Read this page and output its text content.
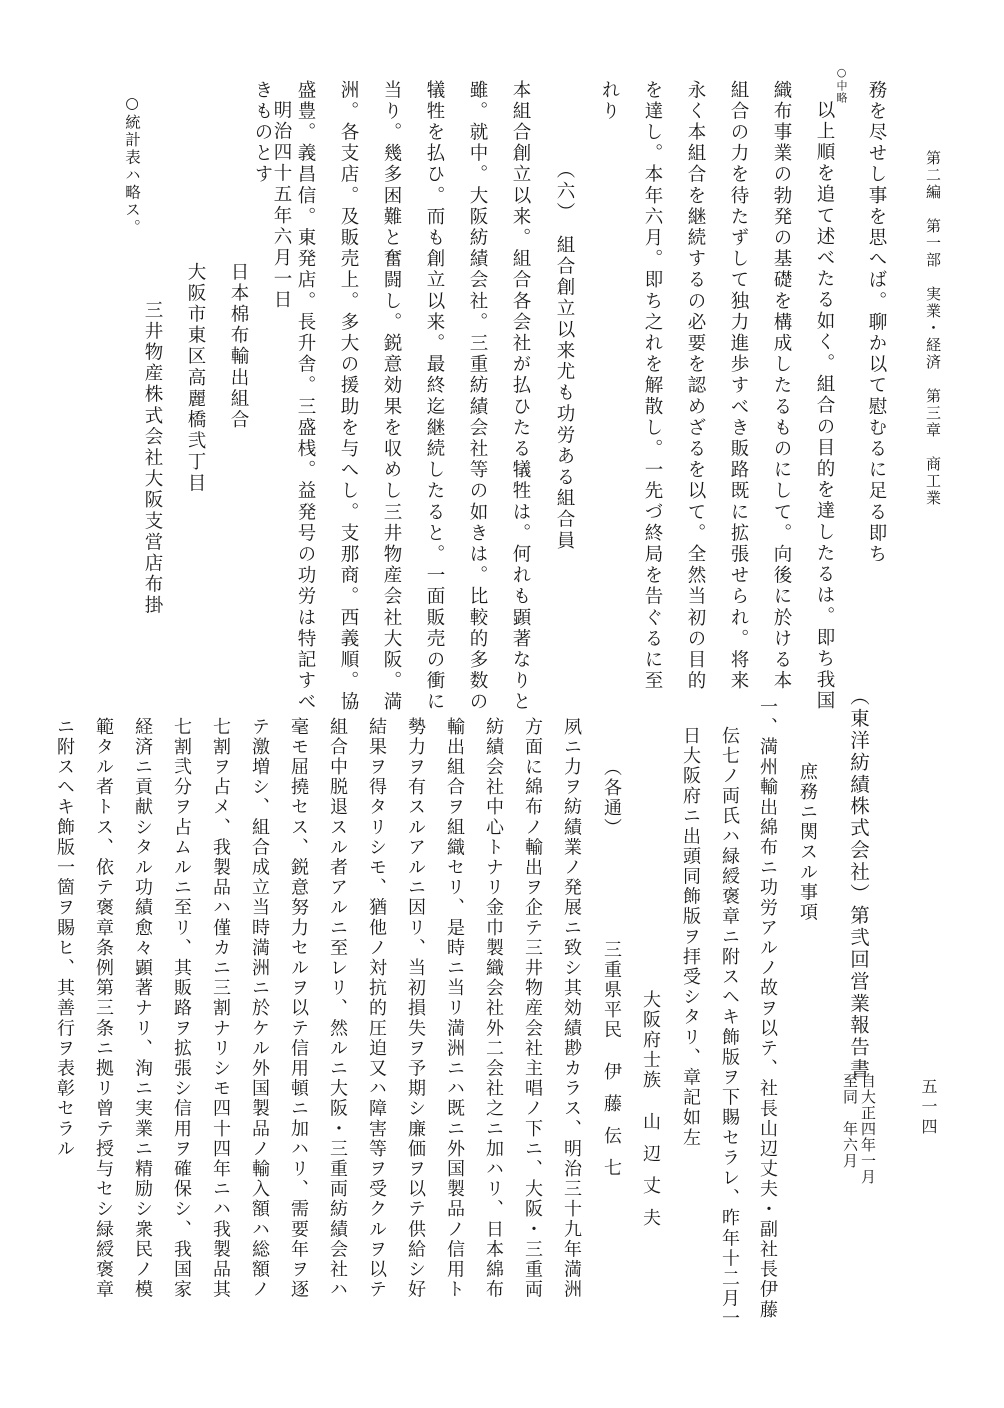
第二編　第一部　実業・経済　第三章　商工業
五一四
務を尽せし事を思へば。聊か以て慰むるに足る即ち
○中略
以上順を追て述べたる如く。組合の目的を達したるは。即ち我国
織布事業の勃発の基礎を構成したるものにして。向後に於ける本
組合の力を待たずして独力進歩すべき販路既に拡張せられ。将来
永く本組合を継続するの必要を認めざるを以て。全然当初の目的
を達し。本年六月。即ち之れを解散し。一先づ終局を告ぐるに至
れり
（六）　組合創立以来尤も功労ある組合員
本組合創立以来。組合各会社が払ひたる犠牲は。何れも顕著なりと
雖。就中。大阪紡績会社。三重紡績会社等の如きは。比較的多数の
犠牲を払ひ。而も創立以来。最終迄継続したると。一面販売の衝に
当り。幾多困難と奮闘し。鋭意効果を収めし三井物産会社大阪。満
洲。各支店。及販売上。多大の援助を与へし。支那商。西義順。協
盛豊。義昌信。東発店。長升舎。三盛桟。益発号の功労は特記すべ
きものとす
明治四十五年六月一日
日本棉布輸出組合
大阪市東区高麗橋弐丁目
三井物産株式会社大阪支営店布掛
○統計表ハ略ス。
（東洋紡績株式会社）第弐回営業報告書
自大正四年一月
至同　年六月
庶務ニ関スル事項
一、満州輸出綿布ニ功労アルノ故ヲ以テ、社長山辺丈夫・副社長伊藤
伝七ノ両氏ハ緑綬褒章ニ附スヘキ飾版ヲ下賜セラレ、昨年十二月一
日大阪府ニ出頭同飾版ヲ拝受シタリ、章記如左
大阪府士族
山辺丈夫
（各通）
三重県平民
伊藤伝七
夙ニ力ヲ紡績業ノ発展ニ致シ其効績尠カラス、明治三十九年満洲
方面に綿布ノ輸出ヲ企テ三井物産会社主唱ノ下ニ、大阪・三重両
紡績会社中心トナリ金巾製織会社外二会社之ニ加ハリ、日本綿布
輸出組合ヲ組織セリ、是時ニ当リ満洲ニハ既ニ外国製品ノ信用ト
勢力ヲ有スルアルニ因リ、当初損失ヲ予期シ廉価ヲ以テ供給シ好
結果ヲ得タリシモ、猶他ノ対抗的圧迫又ハ障害等ヲ受クルヲ以テ
組合中脱退スル者アルニ至レリ、然ルニ大阪・三重両紡績会社ハ
毫モ屈撓セス、鋭意努力セルヲ以テ信用頓ニ加ハリ、需要年ヲ逐
テ激増シ、組合成立当時満洲ニ於ケル外国製品ノ輸入額ハ総額ノ
七割ヲ占メ、我製品ハ僅カニ三割ナリシモ四十四年ニハ我製品其
七割弐分ヲ占ムルニ至リ、其販路ヲ拡張シ信用ヲ確保シ、我国家
経済ニ貢献シタル功績愈々顕著ナリ、洵ニ実業ニ精励シ衆民ノ模
範タル者トス、依テ褒章条例第三条ニ拠リ曾テ授与セシ緑綬褒章
ニ附スヘキ飾版一箇ヲ賜ヒ、其善行ヲ表彰セラル
